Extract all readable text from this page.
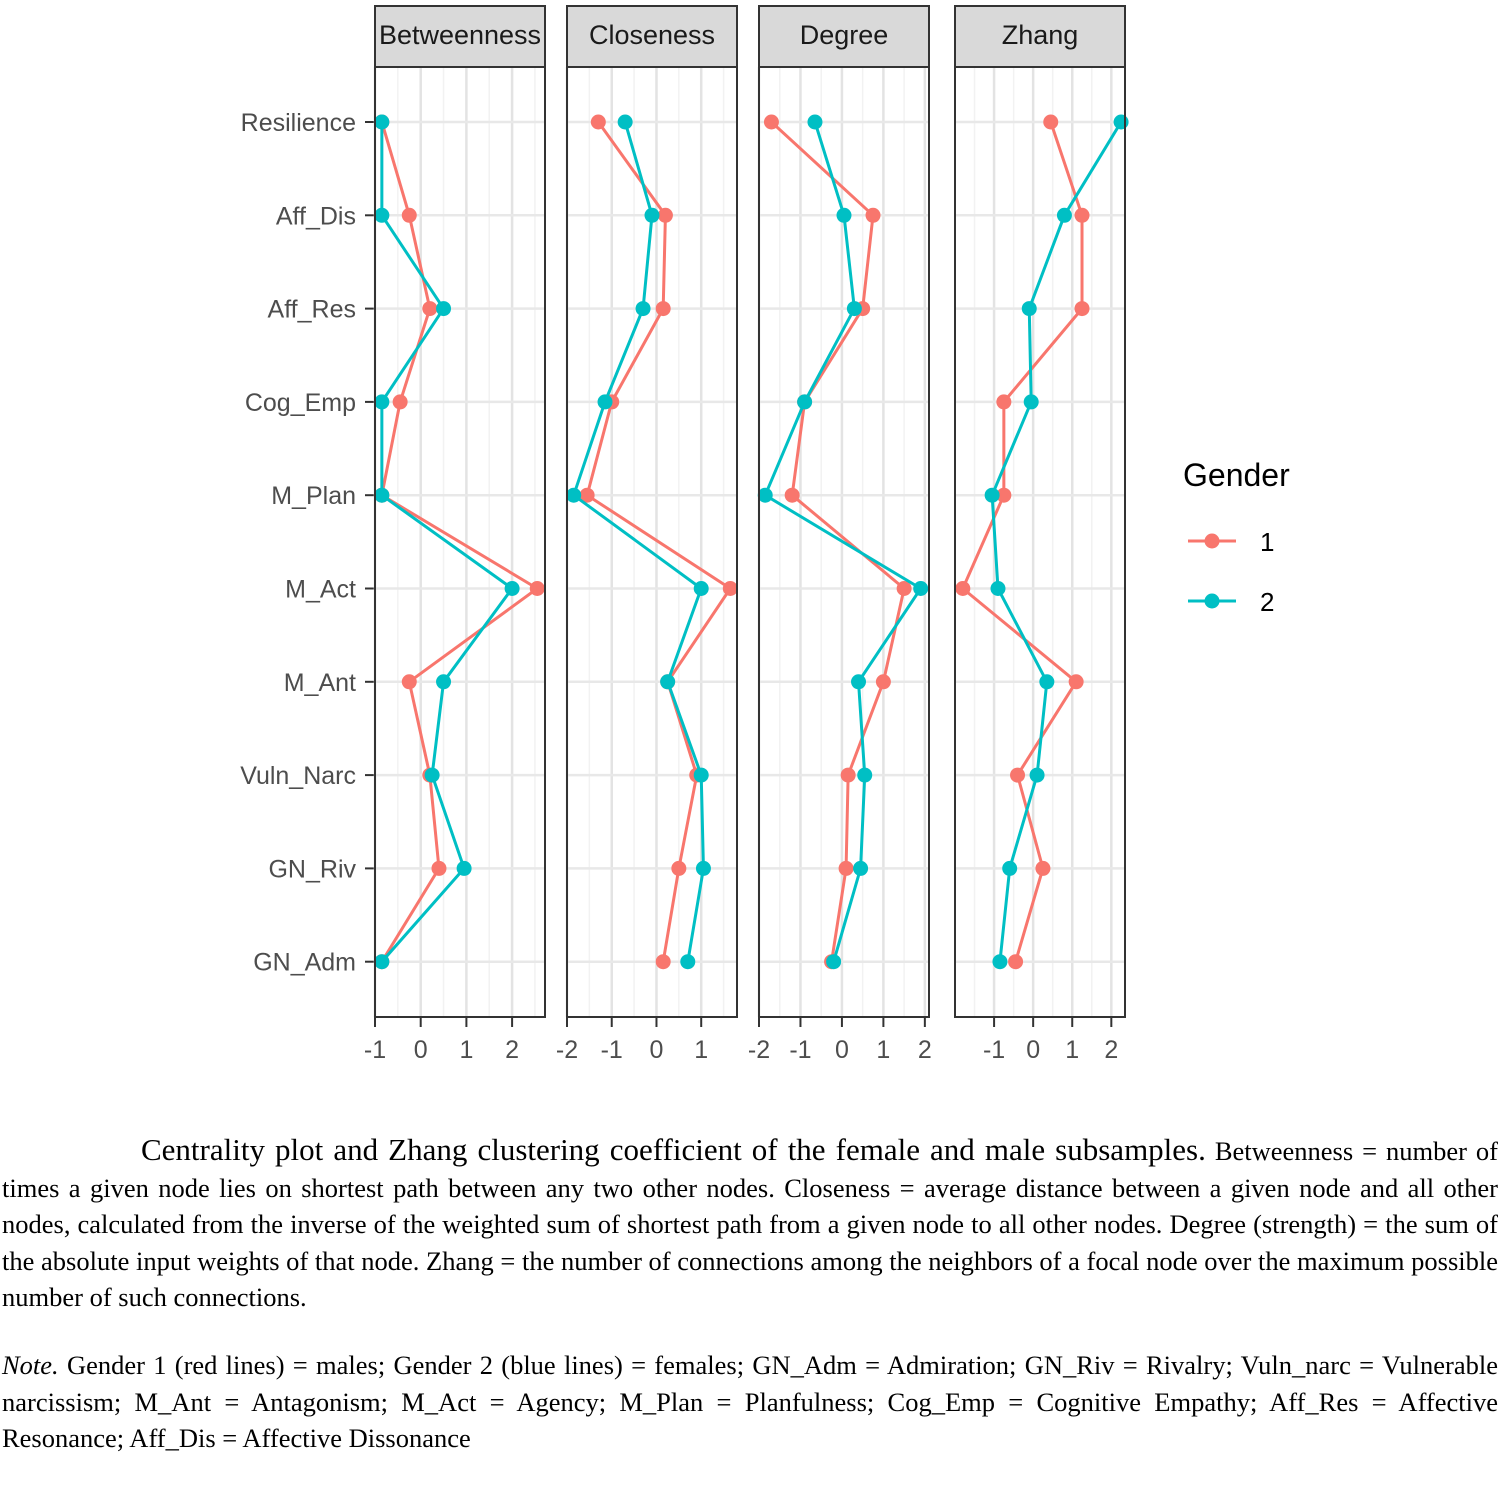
Resilience
Aff_Dis
Aff_Res
Cog_Emp
M_Plan
M_Act
M_Ant
Vuln_Narc
GN_Riv
GN_Adm
Betweenness
-1 0 1 2
Closeness
-2 -1 0 1
Degree
-2 -1 0 1 2
Zhang
-1 0 1 2
Gender
1
2

Centrality plot and Zhang clustering coefficient of the female and male subsamples. Betweenness = number of times a given node lies on shortest path between any two other nodes. Closeness = average distance between a given node and all other nodes, calculated from the inverse of the weighted sum of shortest path from a given node to all other nodes. Degree (strength) = the sum of the absolute input weights of that node. Zhang = the number of connections among the neighbors of a focal node over the maximum possible number of such connections.

Note. Gender 1 (red lines) = males; Gender 2 (blue lines) = females; GN_Adm = Admiration; GN_Riv = Rivalry; Vuln_narc = Vulnerable narcissism; M_Ant = Antagonism; M_Act = Agency; M_Plan = Planfulness; Cog_Emp = Cognitive Empathy; Aff_Res = Affective Resonance; Aff_Dis = Affective Dissonance
